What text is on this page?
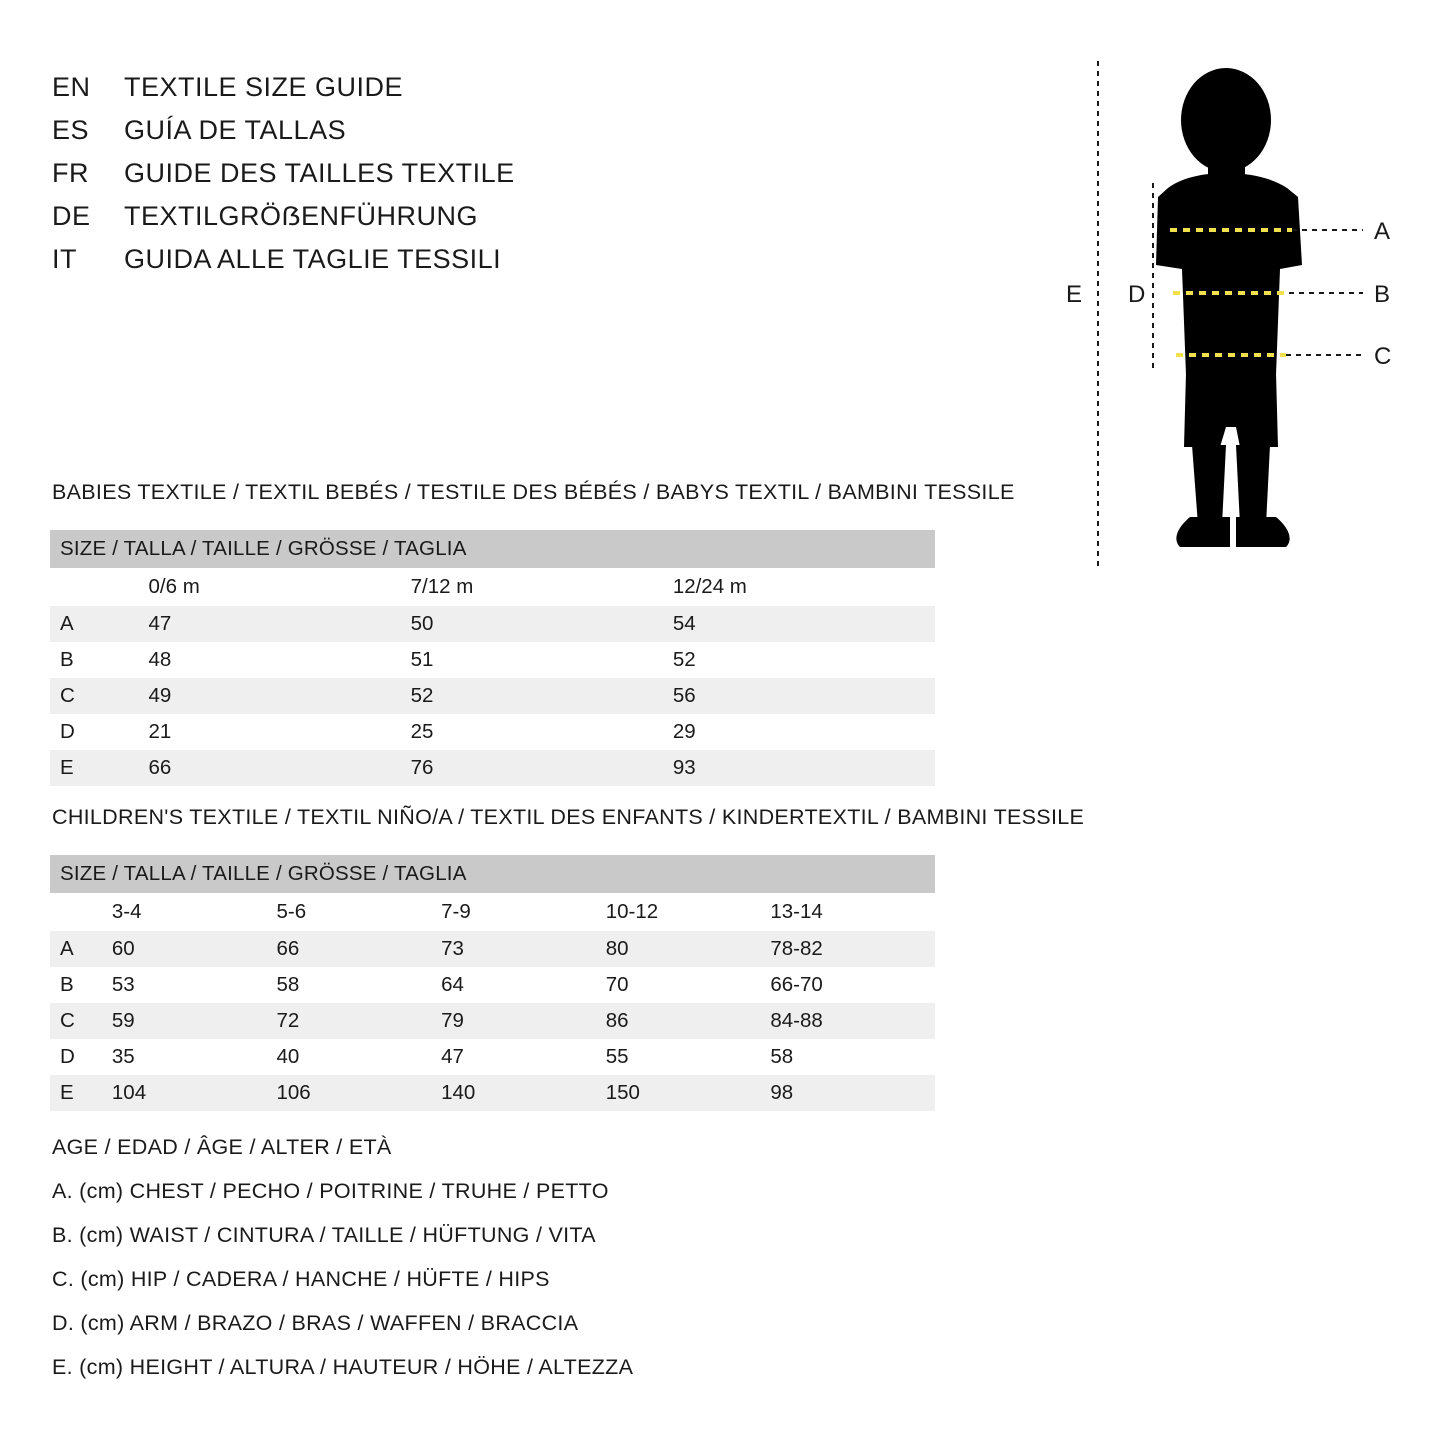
EN	TEXTILE SIZE GUIDE
ES	GUÍA DE TALLAS
FR	GUIDE DES TAILLES TEXTILE
DE	TEXTILGRÖẞENFÜHRUNG
IT	GUIDA ALLE TAGLIE TESSILI
A
B
C
D
E
BABIES TEXTILE / TEXTIL BEBÉS / TESTILE DES BÉBÉS / BABYS TEXTIL / BAMBINI TESSILE
SIZE / TALLA / TAILLE / GRÖSSE / TAGLIA			
	0/6 m	7/12 m	12/24 m
A	47	50	54
B	48	51	52
C	49	52	56
D	21	25	29
E	66	76	93
CHILDREN'S TEXTILE / TEXTIL NIÑO/A / TEXTIL DES ENFANTS / KINDERTEXTIL / BAMBINI TESSILE
SIZE / TALLA / TAILLE / GRÖSSE / TAGLIA					
	3-4	5-6	7-9	10-12	13-14
A	60	66	73	80	78-82
B	53	58	64	70	66-70
C	59	72	79	86	84-88
D	35	40	47	55	58
E	104	106	140	150	98
AGE / EDAD / ÂGE / ALTER / ETÀ
A. (cm) CHEST / PECHO / POITRINE / TRUHE / PETTO
B. (cm) WAIST / CINTURA / TAILLE / HÜFTUNG / VITA
C. (cm) HIP / CADERA / HANCHE / HÜFTE / HIPS
D. (cm) ARM / BRAZO / BRAS / WAFFEN / BRACCIA
E. (cm) HEIGHT / ALTURA / HAUTEUR / HÖHE / ALTEZZA
